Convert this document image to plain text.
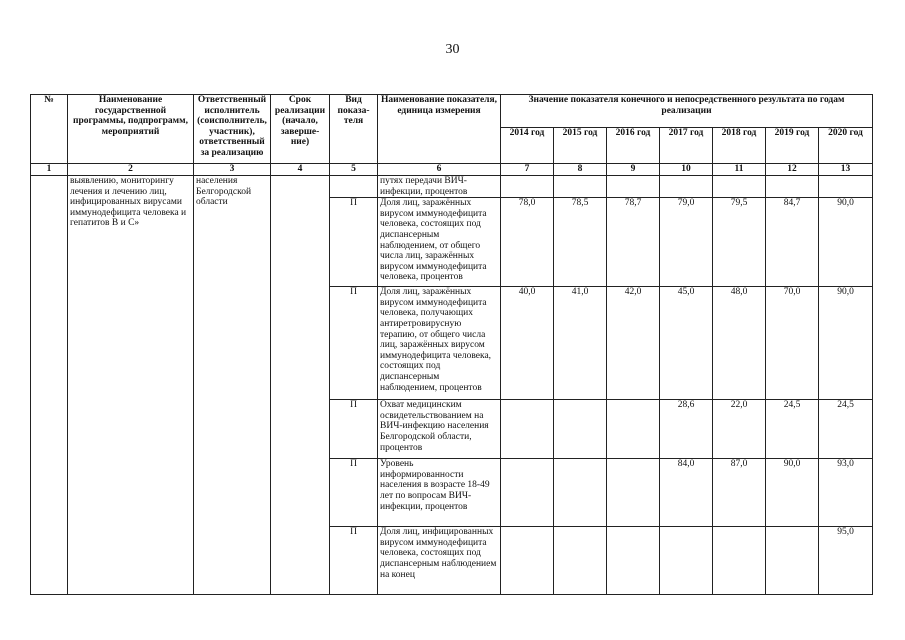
30
№	Наименование государственной программы, подпрограмм, мероприятий	Ответственный исполнитель (соисполнитель, участник), ответственный за реализацию	Срок реализации (начало, заверше-ние)	Вид показа-теля	Наименование показателя, единица измерения	Значение показателя конечного и непосредственного результата по годам реализации						
						2014 год	2015 год	2016 год	2017 год	2018 год	2019 год	2020 год
1	2	3	4	5	6	7	8	9	10	11	12	13
	выявлению, мониторингу лечения и лечению лиц, инфицированных вирусами иммунодефицита человека и гепатитов В и С»	населения Белгородской области			путях передачи ВИЧ-инфекции, процентов							
				П	Доля лиц, заражённых вирусом иммунодефицита человека, состоящих под диспансерным наблюдением, от общего числа лиц, заражённых вирусом иммунодефицита человека, процентов	78,0	78,5	78,7	79,0	79,5	84,7	90,0
				П	Доля лиц, заражённых вирусом иммунодефицита человека, получающих антиретровирусную терапию, от общего числа лиц, заражённых вирусом иммунодефицита человека, состоящих под диспансерным наблюдением, процентов	40,0	41,0	42,0	45,0	48,0	70,0	90,0
				П	Охват медицинским освидетельствованием на ВИЧ-инфекцию населения Белгородской области, процентов				28,6	22,0	24,5	24,5
				П	Уровень информированности населения в возрасте 18-49 лет по вопросам ВИЧ-инфекции, процентов				84,0	87,0	90,0	93,0
				П	Доля лиц, инфицированных вирусом иммунодефицита человека, состоящих под диспансерным наблюдением на конец							95,0
